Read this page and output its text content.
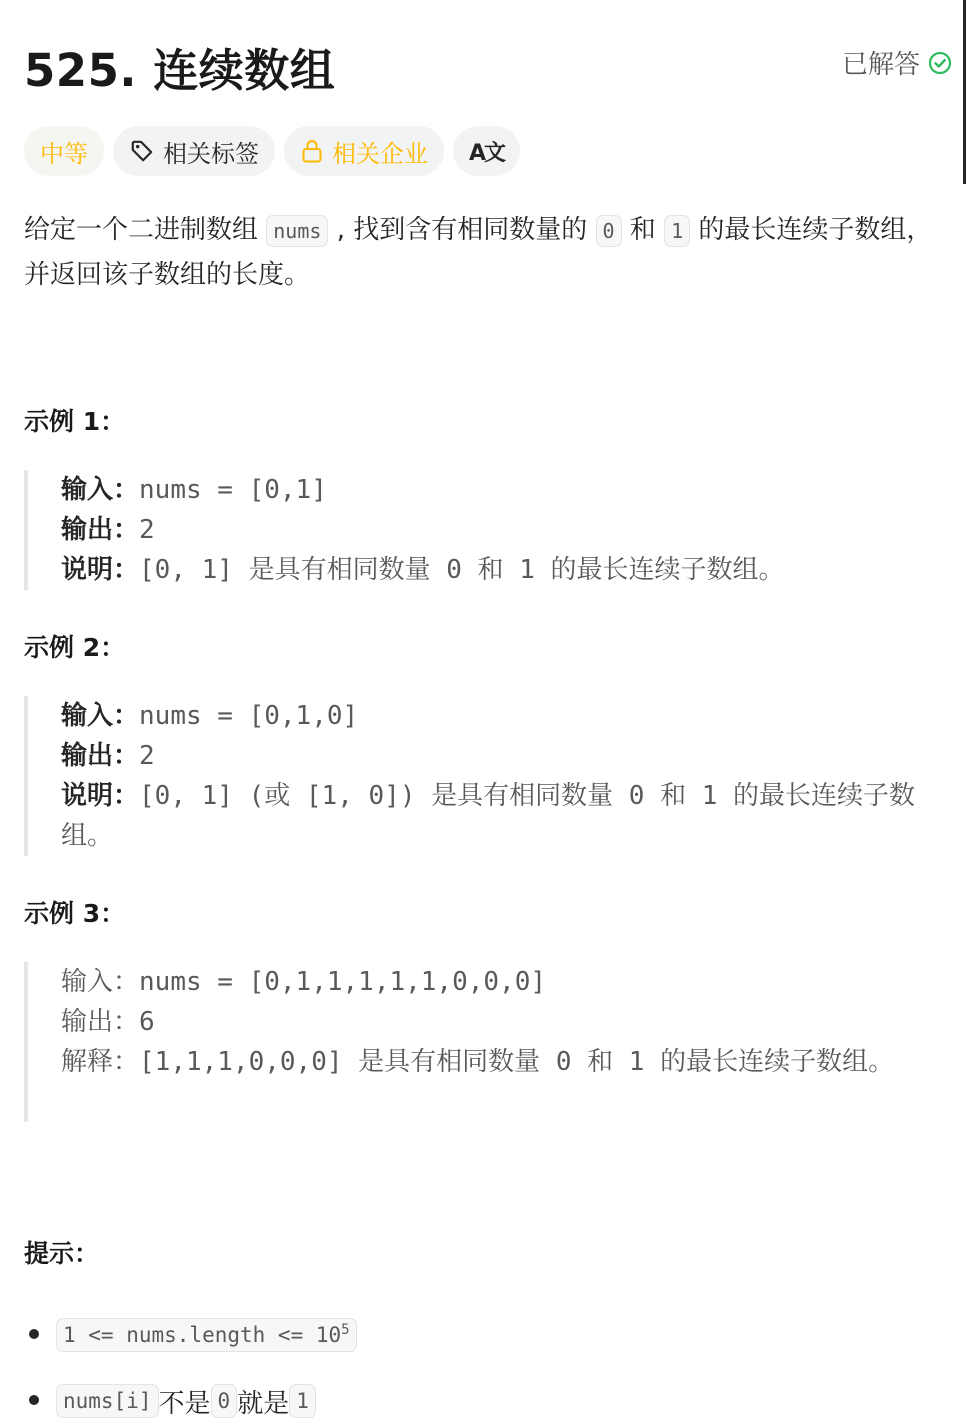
525. 连续数组	已解答
中等	相关标签	相关企业 A文
给定一个二进制数组 nums , 找到含有相同数量的 0 和 1 的最长连续子数组，并返回该子数组的长度。
示例 1：
输入：nums = [0,1]
输出：2
说明：[0, 1] 是具有相同数量 0 和 1 的最长连续子数组。
示例 2：
输入：nums = [0,1,0]
输出：2
说明：[0, 1] (或 [1, 0]) 是具有相同数量 0 和 1 的最长连续子数组。
示例 3：
输入：nums = [0,1,1,1,1,1,0,0,0]
输出：6
解释：[1,1,1,0,0,0] 是具有相同数量 0 和 1 的最长连续子数组。
提示：
1 <= nums.length <= $10^5$
nums[i] 不是 0 就是 1
